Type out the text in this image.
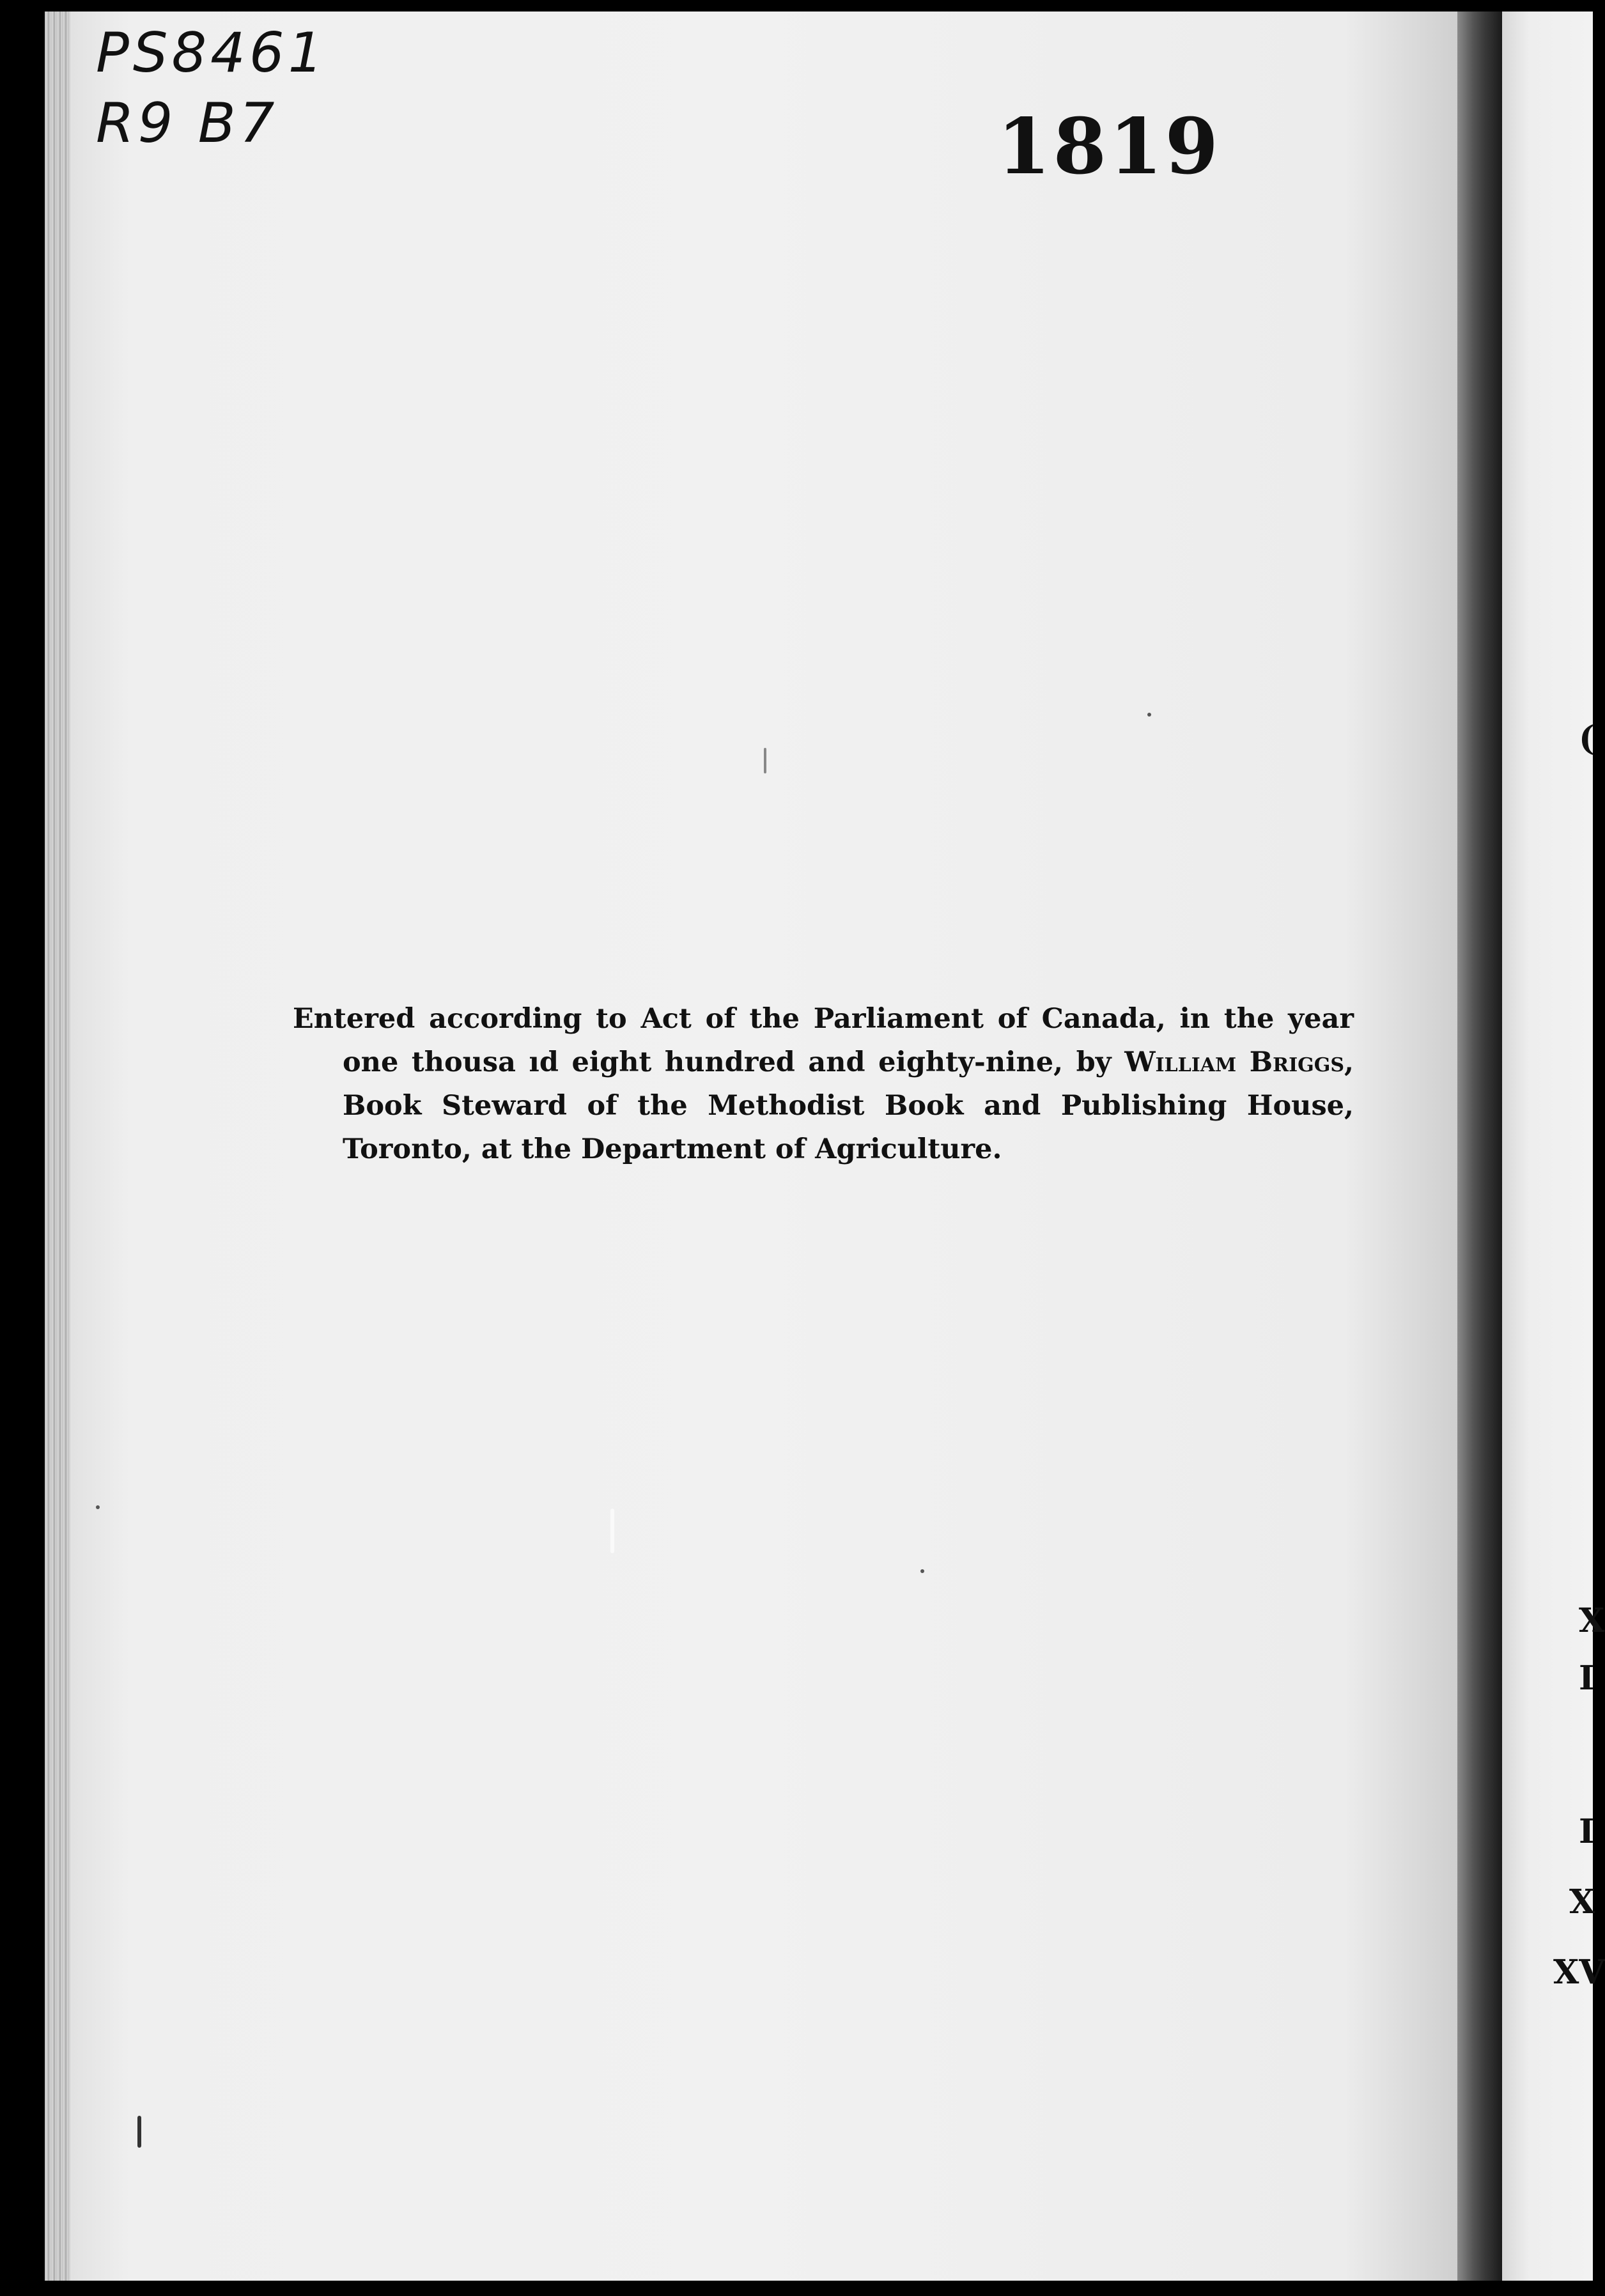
PS8461
R9 B7	1819

Entered according to Act of the Parliament of Canada, in the year one thousa ıd eight hundred and eighty-nine, by William Briggs, Book Steward of the Methodist Book and Publishing House, Toronto, at the Department of Agriculture.

(
X
I
I
X
XV
